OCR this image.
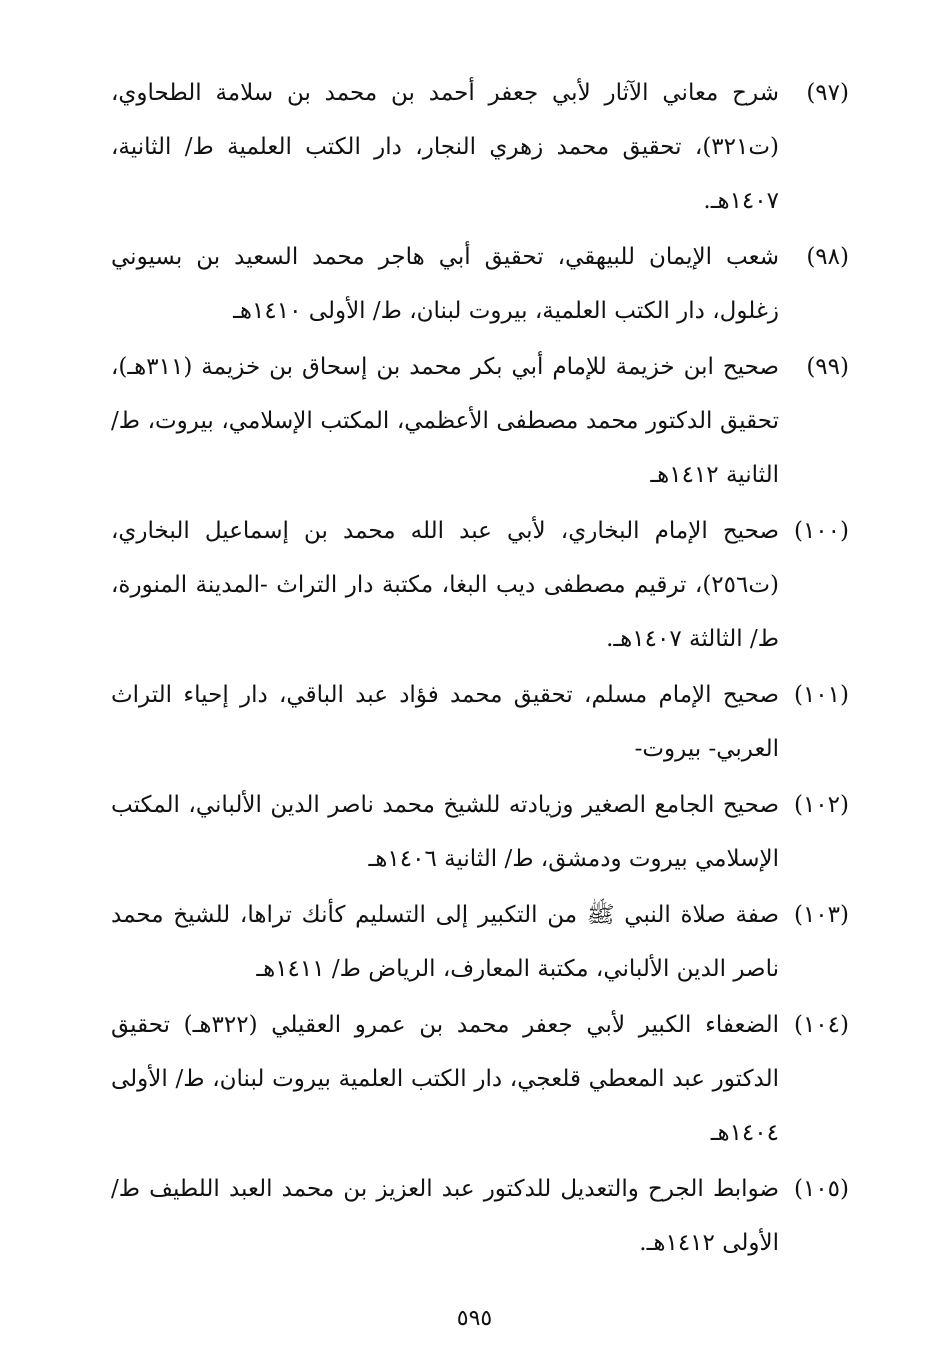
(٩٧)
شرح معاني الآثار لأبي جعفر أحمد بن محمد بن سلامة الطحاوي، (ت٣٢١)، تحقيق محمد زهري النجار، دار الكتب العلمية ط/ الثانية، ١٤٠٧هـ.
(٩٨)
شعب الإيمان للبيهقي، تحقيق أبي هاجر محمد السعيد بن بسيوني زغلول، دار الكتب العلمية، بيروت لبنان، ط/ الأولى ١٤١٠هـ
(٩٩)
صحيح ابن خزيمة للإمام أبي بكر محمد بن إسحاق بن خزيمة (٣١١هـ)، تحقيق الدكتور محمد مصطفى الأعظمي، المكتب الإسلامي، بيروت، ط/ الثانية ١٤١٢هـ
(١٠٠)
صحيح الإمام البخاري، لأبي عبد الله محمد بن إسماعيل البخاري، (ت٢٥٦)، ترقيم مصطفى ديب البغا، مكتبة دار التراث -المدينة المنورة، ط/ الثالثة ١٤٠٧هـ.
(١٠١)
صحيح الإمام مسلم، تحقيق محمد فؤاد عبد الباقي، دار إحياء التراث العربي- بيروت-
(١٠٢)
صحيح الجامع الصغير وزيادته للشيخ محمد ناصر الدين الألباني، المكتب الإسلامي بيروت ودمشق، ط/ الثانية ١٤٠٦هـ
(١٠٣)
صفة صلاة النبي ﷺ من التكبير إلى التسليم كأنك تراها، للشيخ محمد ناصر الدين الألباني، مكتبة المعارف، الرياض ط/ ١٤١١هـ
(١٠٤)
الضعفاء الكبير لأبي جعفر محمد بن عمرو العقيلي (٣٢٢هـ) تحقيق الدكتور عبد المعطي قلعجي، دار الكتب العلمية بيروت لبنان، ط/ الأولى ١٤٠٤هـ
(١٠٥)
ضوابط الجرح والتعديل للدكتور عبد العزيز بن محمد العبد اللطيف ط/ الأولى ١٤١٢هـ.
٥٩٥
